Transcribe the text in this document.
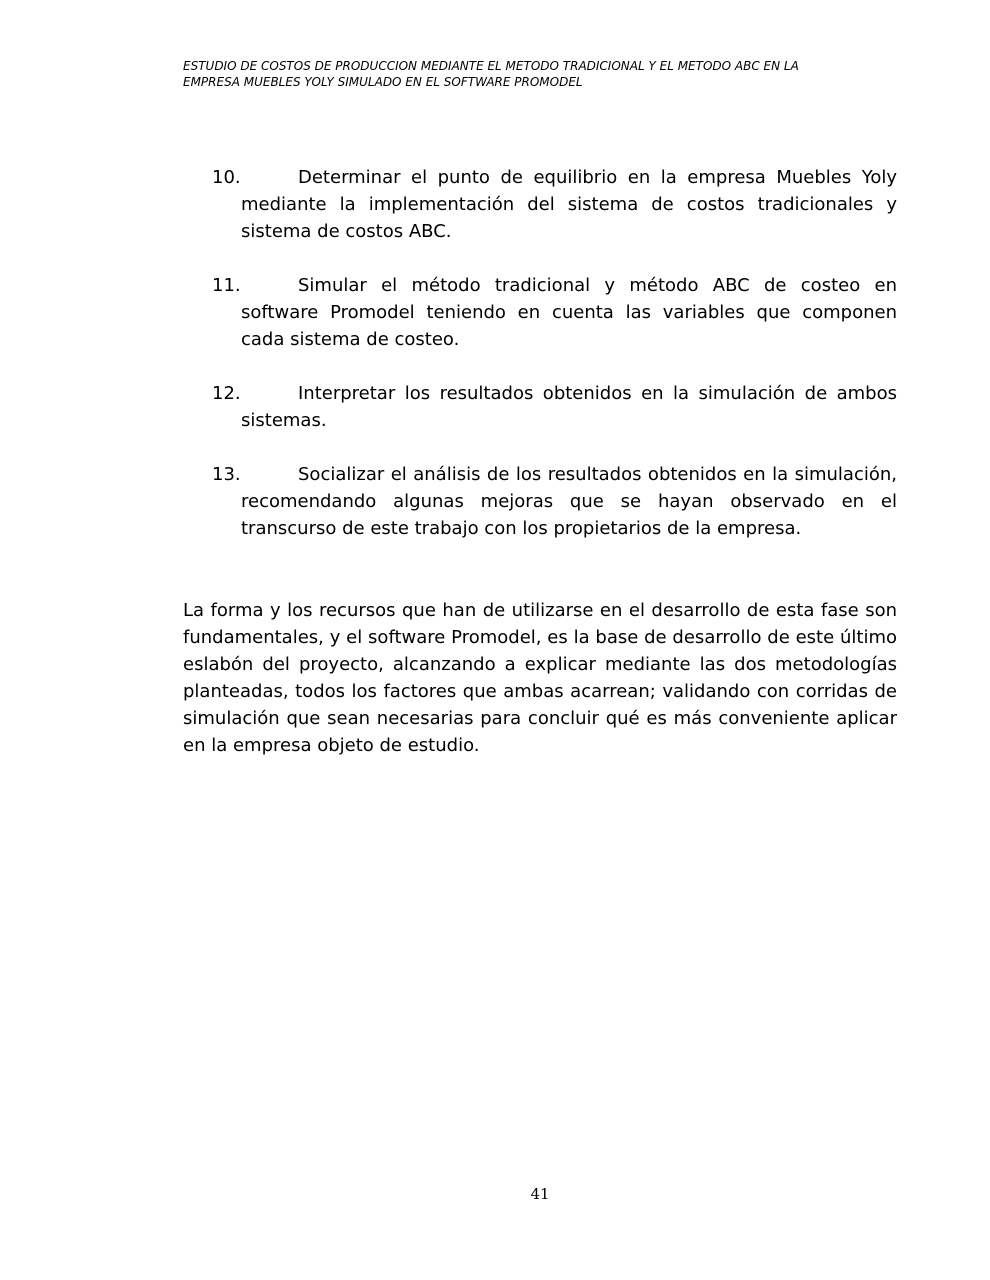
ESTUDIO DE COSTOS DE PRODUCCION MEDIANTE EL METODO TRADICIONAL Y EL METODO ABC EN LA
EMPRESA MUEBLES YOLY SIMULADO EN EL SOFTWARE PROMODEL
10.	Determinar el punto de equilibrio en la empresa Muebles Yoly mediante la implementación del sistema de costos tradicionales y sistema de costos ABC.
11.	Simular el método tradicional y método ABC de costeo en software Promodel teniendo en cuenta las variables que componen cada sistema de costeo.
12.	Interpretar los resultados obtenidos en la simulación de ambos sistemas.
13.	Socializar el análisis de los resultados obtenidos en la simulación, recomendando algunas mejoras que se hayan observado en el transcurso de este trabajo con los propietarios de la empresa.

La forma y los recursos que han de utilizarse en el desarrollo de esta fase son fundamentales, y el software Promodel, es la base de desarrollo de este último eslabón del proyecto, alcanzando a explicar mediante las dos metodologías planteadas, todos los factores que ambas acarrean; validando con corridas de simulación que sean necesarias para concluir qué es más conveniente aplicar en la empresa objeto de estudio.

41
